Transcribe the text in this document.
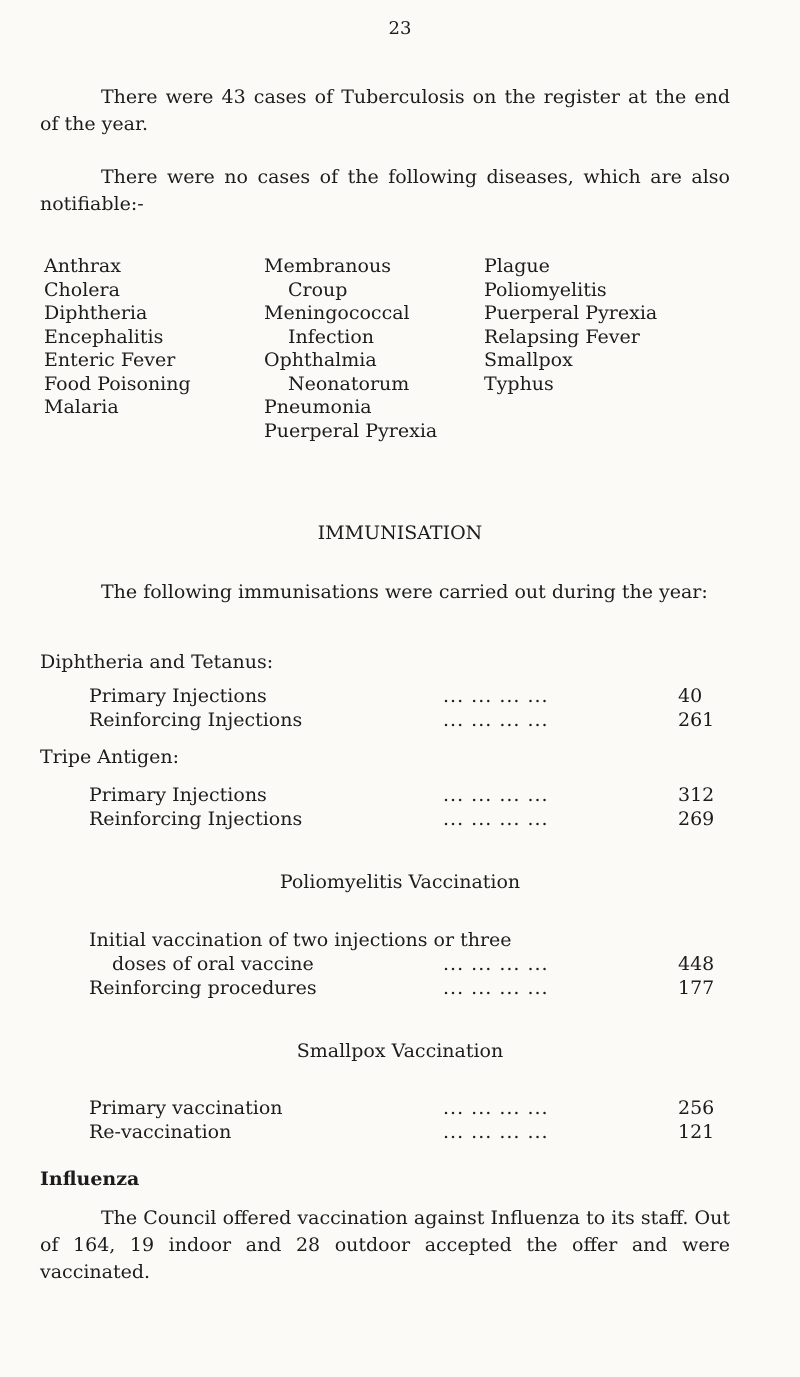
23
There were 43 cases of Tuberculosis on the register at the end of the year.
There were no cases of the following diseases, which are also notifiable:-
Anthrax
Cholera
Diphtheria
Encephalitis
Enteric Fever
Food Poisoning
Malaria
Membranous
Croup
Meningococcal
Infection
Ophthalmia
Neonatorum
Pneumonia
Puerperal Pyrexia
Plague
Poliomyelitis
Puerperal Pyrexia
Relapsing Fever
Smallpox
Typhus
IMMUNISATION
The following immunisations were carried out during the year:
Diphtheria and Tetanus:
Primary Injections	... ... ... ...	40
Reinforcing Injections	... ... ... ...	261
Tripe Antigen:
Primary Injections	... ... ... ...	312
Reinforcing Injections	... ... ... ...	269
Poliomyelitis Vaccination
Initial vaccination of two injections or three
doses of oral vaccine	... ... ... ...	448
Reinforcing procedures	... ... ... ...	177
Smallpox Vaccination
Primary vaccination	... ... ... ...	256
Re-vaccination	... ... ... ...	121
Influenza
The Council offered vaccination against Influenza to its staff. Out of 164, 19 indoor and 28 outdoor accepted the offer and were vaccinated.
